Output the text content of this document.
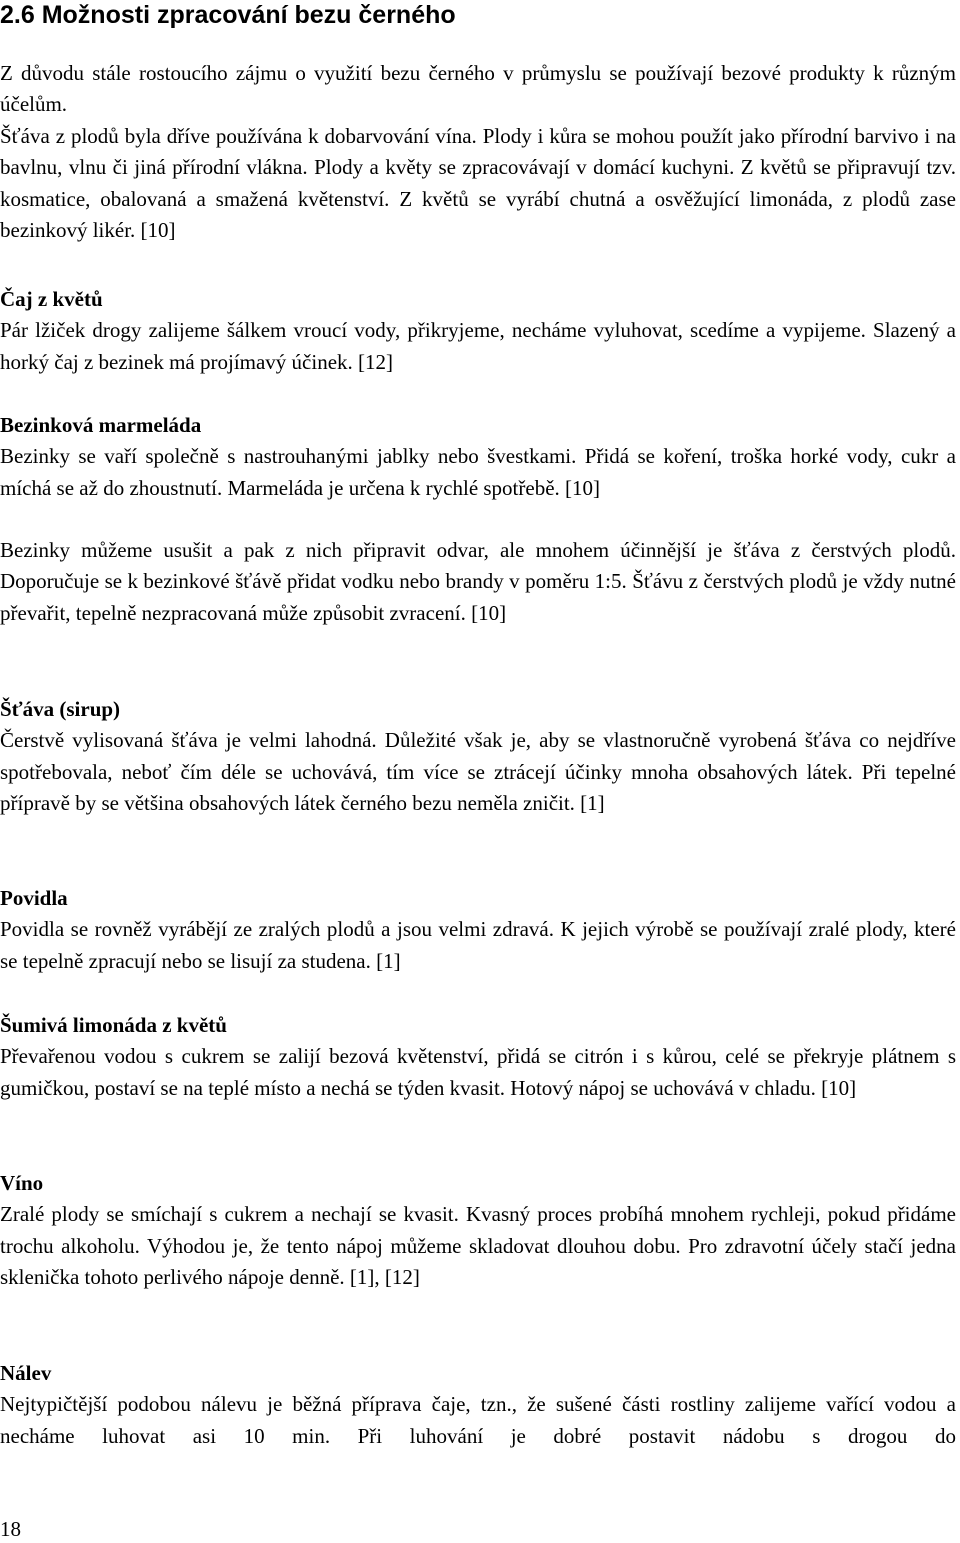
2.6 Možnosti zpracování bezu černého

Z důvodu stále rostoucího zájmu o využití bezu černého v průmyslu se používají bezové produkty k různým účelům.

Šťáva z plodů byla dříve používána k dobarvování vína. Plody i kůra se mohou použít jako přírodní barvivo i na bavlnu, vlnu či jiná přírodní vlákna. Plody a květy se zpracovávají v domácí kuchyni. Z květů se připravují tzv. kosmatice, obalovaná a smažená květenství. Z květů se vyrábí chutná a osvěžující limonáda, z plodů zase bezinkový likér. [10]

Čaj z květů

Pár lžiček drogy zalijeme šálkem vroucí vody, přikryjeme, necháme vyluhovat, scedíme a vypijeme. Slazený a horký čaj z bezinek má projímavý účinek. [12]

Bezinková marmeláda

Bezinky se vaří společně s nastrouhanými jablky nebo švestkami. Přidá se koření, troška horké vody, cukr a míchá se až do zhoustnutí. Marmeláda je určena k rychlé spotřebě. [10]

Bezinky můžeme usušit a pak z nich připravit odvar, ale mnohem účinnější je šťáva z čerstvých plodů. Doporučuje se k bezinkové šťávě přidat vodku nebo brandy v poměru 1:5. Šťávu z čerstvých plodů je vždy nutné převařit, tepelně nezpracovaná může způsobit zvracení. [10]

Šťáva (sirup)

Čerstvě vylisovaná šťáva je velmi lahodná. Důležité však je, aby se vlastnoručně vyrobená šťáva co nejdříve spotřebovala, neboť čím déle se uchovává, tím více se ztrácejí účinky mnoha obsahových látek. Při tepelné přípravě by se většina obsahových látek černého bezu neměla zničit. [1]

Povidla

Povidla se rovněž vyrábějí ze zralých plodů a jsou velmi zdravá. K jejich výrobě se používají zralé plody, které se tepelně zpracují nebo se lisují za studena. [1]

Šumivá limonáda z květů

Převařenou vodou s cukrem se zalijí bezová květenství, přidá se citrón i s kůrou, celé se překryje plátnem s gumičkou, postaví se na teplé místo a nechá se týden kvasit. Hotový nápoj se uchovává v chladu. [10]

Víno

Zralé plody se smíchají s cukrem a nechají se kvasit. Kvasný proces probíhá mnohem rychleji, pokud přidáme trochu alkoholu. Výhodou je, že tento nápoj můžeme skladovat dlouhou dobu. Pro zdravotní účely stačí jedna sklenička tohoto perlivého nápoje denně. [1], [12]

Nálev

Nejtypičtější podobou nálevu je běžná příprava čaje, tzn., že sušené části rostliny zalijeme vařící vodou a necháme luhovat asi 10 min. Při luhování je dobré postavit nádobu s drogou do

18
